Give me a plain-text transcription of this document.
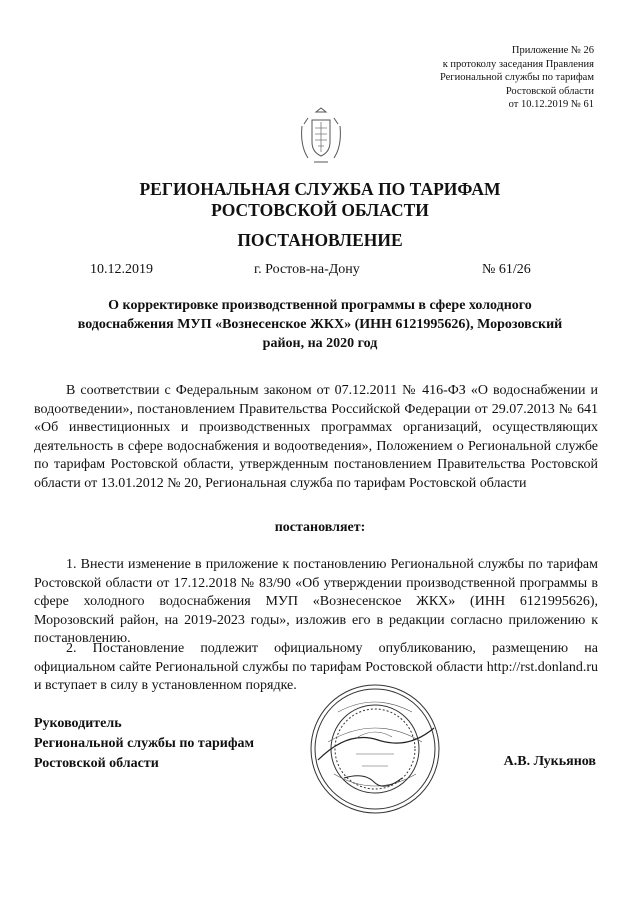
Приложение № 26
к протоколу заседания Правления
Региональной службы по тарифам
Ростовской области
от 10.12.2019 № 61
РЕГИОНАЛЬНАЯ СЛУЖБА ПО ТАРИФАМ
РОСТОВСКОЙ ОБЛАСТИ
ПОСТАНОВЛЕНИЕ
10.12.2019	г. Ростов-на-Дону	№ 61/26
О корректировке производственной программы в сфере холодного водоснабжения МУП «Вознесенское ЖКХ» (ИНН 6121995626), Морозовский район, на 2020 год
В соответствии с Федеральным законом от 07.12.2011 № 416-ФЗ «О водоснабжении и водоотведении», постановлением Правительства Российской Федерации от 29.07.2013 № 641 «Об инвестиционных и производственных программах организаций, осуществляющих деятельность в сфере водоснабжения и водоотведения», Положением о Региональной службе по тарифам Ростовской области, утвержденным постановлением Правительства Ростовской области от 13.01.2012 № 20, Региональная служба по тарифам Ростовской области
постановляет:
1. Внести изменение в приложение к постановлению Региональной службы по тарифам Ростовской области от 17.12.2018 № 83/90 «Об утверждении производственной программы в сфере холодного водоснабжения МУП «Вознесенское ЖКХ» (ИНН 6121995626), Морозовский район, на 2019-2023 годы», изложив его в редакции согласно приложению к постановлению.
2. Постановление подлежит официальному опубликованию, размещению на официальном сайте Региональной службы по тарифам Ростовской области http://rst.donland.ru и вступает в силу в установленном порядке.
Руководитель
Региональной службы по тарифам
Ростовской области	А.В. Лукьянов
